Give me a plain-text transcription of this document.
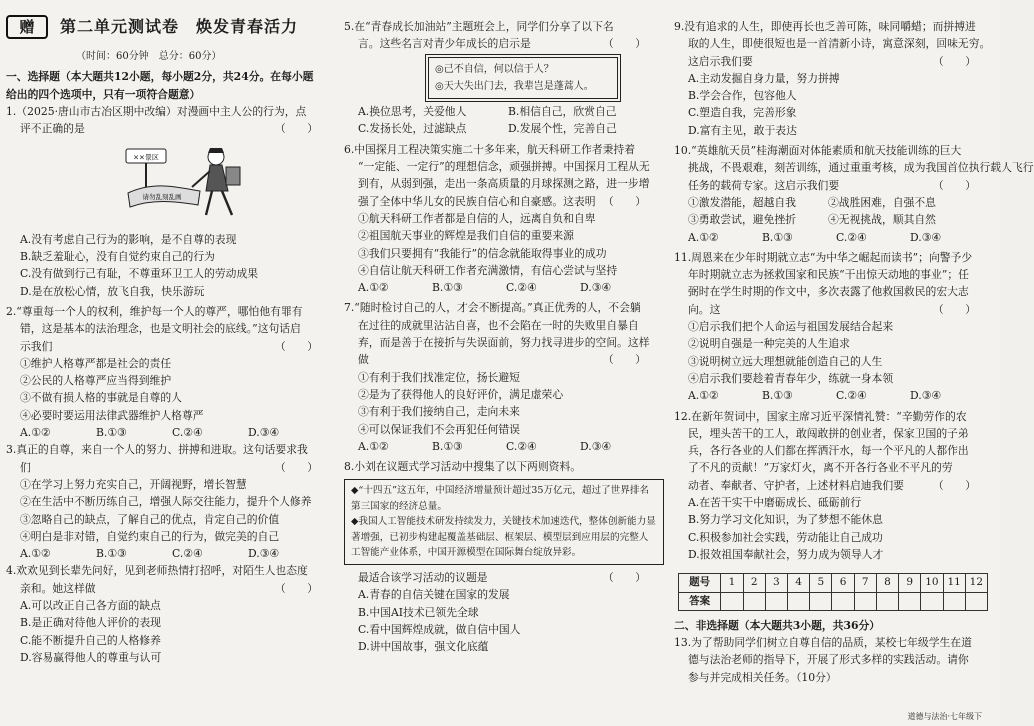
赠	第二单元测试卷　焕发青春活力
（时间：60分钟　总分：60分）
一、选择题（本大题共12小题，每小题2分，共24分。在每小题
给出的四个选项中，只有一项符合题意）
1.（2025·唐山市古冶区期中改编）对漫画中主人公的行为，点
评不正确的是	（　　）
××景区
请勿乱刻乱画
A.没有考虑自己行为的影响，是不自尊的表现
B.缺乏羞耻心，没有自觉约束自己的行为
C.没有做到行己有耻，不尊重环卫工人的劳动成果
D.是在放松心情，放飞自我，快乐游玩
2.“尊重每一个人的权利，维护每一个人的尊严，哪怕他有罪有
错，这是基本的法治理念，也是文明社会的底线。”这句话启
示我们	（　　）
①维护人格尊严都是社会的责任
②公民的人格尊严应当得到维护
③不做有损人格的事就是自尊的人
④必要时要运用法律武器维护人格尊严
A.①②	B.①③	C.②④	D.③④
3.真正的自尊，来自一个人的努力、拼搏和进取。这句话要求我
们	（　　）
①在学习上努力充实自己，开阔视野，增长智慧
②在生活中不断历练自己，增强人际交往能力，提升个人修养
③忽略自己的缺点，了解自己的优点，肯定自己的价值
④明白是非对错，自觉约束自己的行为，做完美的自己
A.①②	B.①③	C.②④	D.③④
4.欢欢见到长辈先问好，见到老师热情打招呼，对陌生人也态度
亲和。她这样做	（　　）
A.可以改正自己各方面的缺点
B.是正确对待他人评价的表现
C.能不断提升自己的人格修养
D.容易赢得他人的尊重与认可
5.在“青春成长加油站”主题班会上，同学们分享了以下名
言。这些名言对青少年成长的启示是	（　　）
◎己不自信，何以信于人？
◎天大失出门去，我辈岂是蓬蒿人。
A.换位思考，关爱他人	B.相信自己，欣赏自己
C.发扬长处，过滤缺点	D.发展个性，完善自己
6.中国探月工程决策实施二十多年来，航天科研工作者秉持着
“一定能、一定行”的理想信念，顽强拼搏。中国探月工程从无
到有，从弱到强，走出一条高质量的月球探测之路，进一步增
强了全体中华儿女的民族自信心和自豪感。这表明 （　　）
①航天科研工作者都是自信的人，远离自负和自卑
②祖国航天事业的辉煌是我们自信的重要来源
③我们只要拥有“我能行”的信念就能取得事业的成功
④自信让航天科研工作者充满激情，有信心尝试与坚持
A.①②	B.①③	C.②④	D.③④
7.“随时检讨自己的人，才会不断提高。”真正优秀的人，不会躺
在过往的成就里沾沾自喜，也不会陷在一时的失败里自暴自
弃，而是善于在接折与失误面前，努力找寻进步的空间。这样
做	（　　）
①有利于我们找准定位，扬长避短
②是为了获得他人的良好评价，满足虚荣心
③有利于我们接纳自己，走向未来
④可以保证我们不会再犯任何错误
A.①②	B.①③	C.②④	D.③④
8.小刘在议题式学习活动中搜集了以下两则资料。
◆“十四五”这五年，中国经济增量预计超过35万亿元，超过了世界排名第三国家的经济总量。
◆我国人工智能技术研发持续发力，关键技术加速迭代，整体创新能力显著增强，已初步构建起覆盖基础层、框架层、模型层到应用层的完整人工智能产业体系，中国开源模型在国际舞台绽放异彩。
最适合该学习活动的议题是	（　　）
A.青春的自信关键在国家的发展
B.中国AI技术已领先全球
C.看中国辉煌成就，做自信中国人
D.讲中国故事，强文化底蕴
9.没有追求的人生，即使再长也乏善可陈，味同嚼蜡；而拼搏进
取的人生，即使很短也是一首清新小诗，寓意深刻，回味无穷。
这启示我们要	（　　）
A.主动发掘自身力量，努力拼搏
B.学会合作，包容他人
C.塑造自我，完善形象
D.富有主见，敢于表达
10.“英雄航天员”桂海潮面对体能素质和航天技能训练的巨大
挑战，不畏艰难，刻苦训练，通过重重考核，成为我国首位执行载人飞行
任务的载荷专家。这启示我们要	（　　）
①激发潜能，超越自我	②战胜困难，自强不息
③勇敢尝试，避免挫折	④无视挑战，顺其自然
A.①②	B.①③	C.②④	D.③④
11.周恩来在少年时期就立志“为中华之崛起而读书”；向警予少
年时期就立志为拯救国家和民族“干出惊天动地的事业”；任
弼时在学生时期的作文中，多次表露了他救国救民的宏大志
向。这	（　　）
①启示我们把个人命运与祖国发展结合起来
②说明自强是一种完美的人生追求
③说明树立远大理想就能创造自己的人生
④启示我们要趁着青春年少，练就一身本领
A.①②	B.①③	C.②④	D.③④
12.在新年贺词中，国家主席习近平深情礼赞：“辛勤劳作的农
民，埋头苦干的工人，敢闯敢拼的创业者，保家卫国的子弟
兵，各行各业的人们都在挥洒汗水，每一个平凡的人都作出
了不凡的贡献！”万家灯火，离不开各行各业不平凡的劳
动者、奉献者、守护者，上述材料启迪我们要	（　　）
A.在苦干实干中磨砺成长、砥砺前行
B.努力学习文化知识，为了梦想不能休息
C.积极参加社会实践，劳动能让自己成功
D.报效祖国奉献社会，努力成为领导人才
题号	1	2	3	4	5	6	7	8	9	10	11	12
答案												
二、非选择题（本大题共3小题，共36分）
13.为了帮助同学们树立自尊自信的品质，某校七年级学生在道
德与法治老师的指导下，开展了形式多样的实践活动。请你
参与并完成相关任务。（10分）
道德与法治·七年级下
